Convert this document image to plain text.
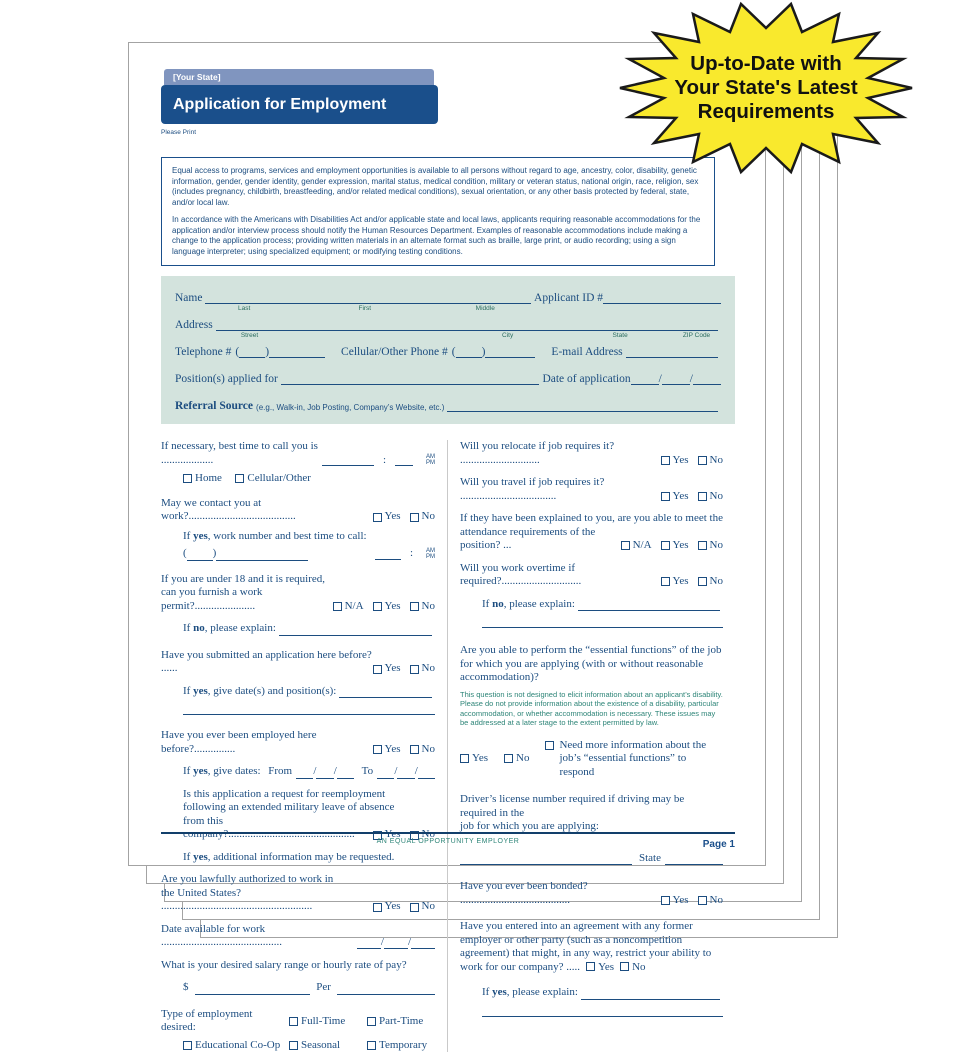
[Your State]
Application for Employment
Please Print

Equal access to programs, services and employment opportunities is available to all persons without regard to age, ancestry, color, disability, genetic information, gender, gender identity, gender expression, marital status, medical condition, military or veteran status, national origin, race, religion, sex (includes pregnancy, childbirth, breastfeeding, and/or related medical conditions), sexual orientation, or any other basis protected by federal, state, and/or local law.

In accordance with the Americans with Disabilities Act and/or applicable state and local laws, applicants requiring reasonable accommodations for the application and/or interview process should notify the Human Resources Department. Examples of reasonable accommodations include making a change to the application process; providing written materials in an alternate format such as braille, large print, or audio recording; using a sign language interpreter; using specialized equipment; or modifying testing conditions.

Name
Last	First	Middle
Applicant ID #
Address
Street	City	State	ZIP Code
Telephone # ( )	Cellular/Other Phone # ( )	E-mail Address
Position(s) applied for	Date of application / /
Referral Source (e.g., Walk-in, Job Posting, Company’s Website, etc.)
If necessary, best time to call you is ...................	:	AM
PM
Home
Cellular/Other
May we contact you at work?.......................................	Yes No
If yes, work number and best time to call:
( )	: AM
PM
If you are under 18 and it is required,
can you furnish a work permit?......................	N/A Yes No
If no, please explain:
Have you submitted an application here before? ......	Yes No
If yes, give date(s) and position(s):
Have you ever been employed here before?...............	Yes No
If yes, give dates: From / / To / /
Is this application a request for reemployment
following an extended military leave of absence
from this company?..............................................	Yes No
If yes, additional information may be requested.
Are you lawfully authorized to work in
the United States? .......................................................	Yes No
Date available for work ............................................	/ /
What is your desired salary range or hourly rate of pay?
$	Per
Type of employment desired:
Full-Time	Part-Time
Educational Co-Op Seasonal	Temporary
Will you relocate if job requires it? .............................	Yes No
Will you travel if job requires it? ...................................	Yes No
If they have been explained to you, are you able to meet the
attendance requirements of the position? ...	N/A Yes No
Will you work overtime if required?.............................	Yes No
If no, please explain:
Are you able to perform the “essential functions” of the job for which you are applying (with or without reasonable accommodation)?
This question is not designed to elicit information about an applicant’s disability. Please do not provide information about the existence of a disability, particular accommodation, or whether accommodation is necessary. These issues may be addressed at a later stage to the extent permitted by law.
Yes	No
Need more information about the
job’s “essential functions” to respond
Driver’s license number required if driving may be required in the
job for which you are applying:
State
Have you ever been bonded? ........................................	Yes No
Have you entered into an agreement with any former employer or other party (such as a noncompetition agreement) that might, in any way, restrict your ability to work for our company? ..... Yes No
If yes, please explain:
AN EQUAL OPPORTUNITY EMPLOYER	Page 1
Up-to-Date with
Your State's Latest
Requirements
